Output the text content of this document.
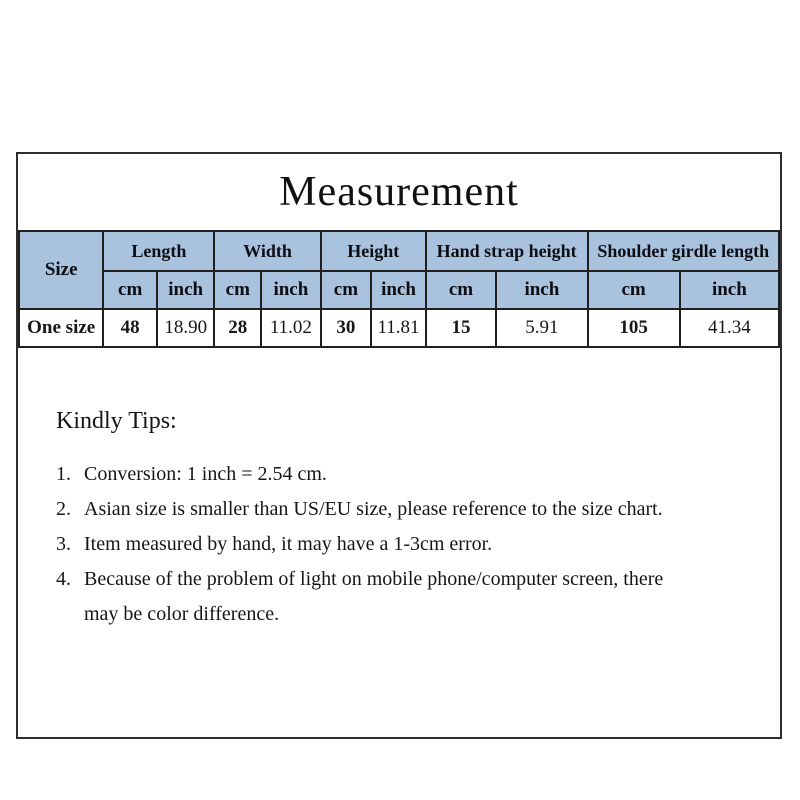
Measurement
Size	Length		Width		Height		Hand strap height		Shoulder girdle length	
	cm	inch	cm	inch	cm	inch	cm	inch	cm	inch
One size	48	18.90	28	11.02	30	11.81	15	5.91	105	41.34
Kindly Tips:
1. Conversion: 1 inch = 2.54 cm.
2. Asian size is smaller than US/EU size, please reference to the size chart.
3. Item measured by hand, it may have a 1-3cm error.
4. Because of the problem of light on mobile phone/computer screen, there may be color difference.
